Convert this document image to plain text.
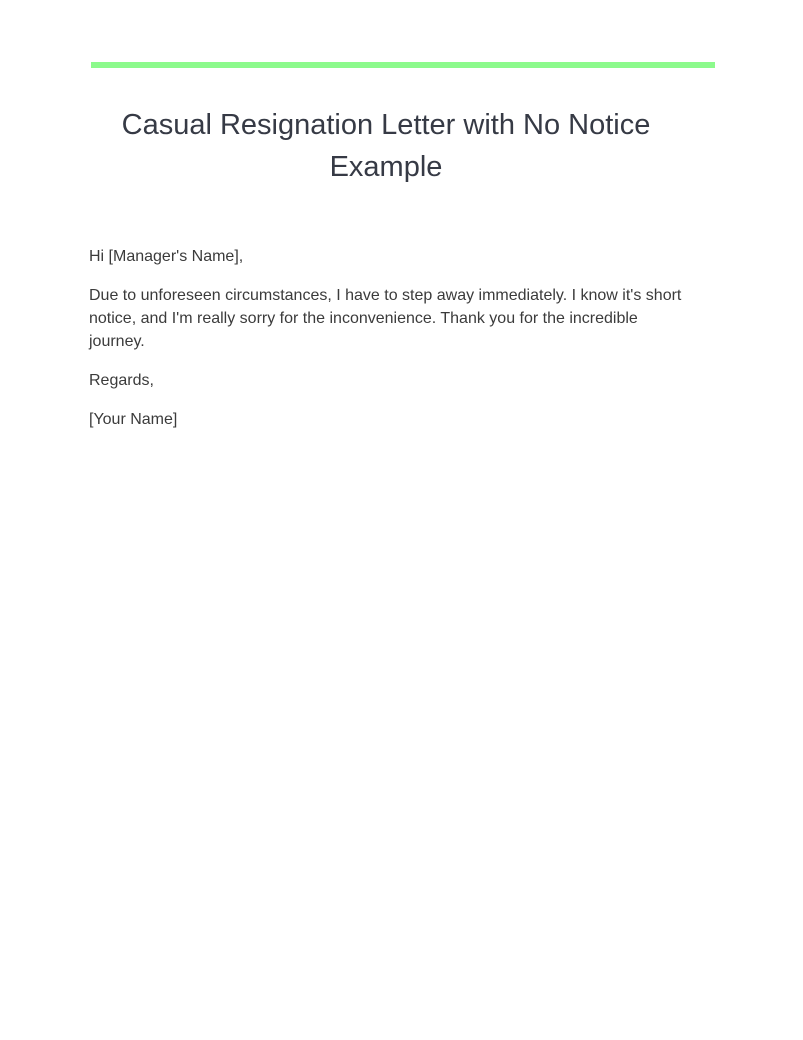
Casual Resignation Letter with No Notice Example

Hi [Manager's Name],

Due to unforeseen circumstances, I have to step away immediately. I know it's short notice, and I'm really sorry for the inconvenience. Thank you for the incredible journey.

Regards,

[Your Name]
